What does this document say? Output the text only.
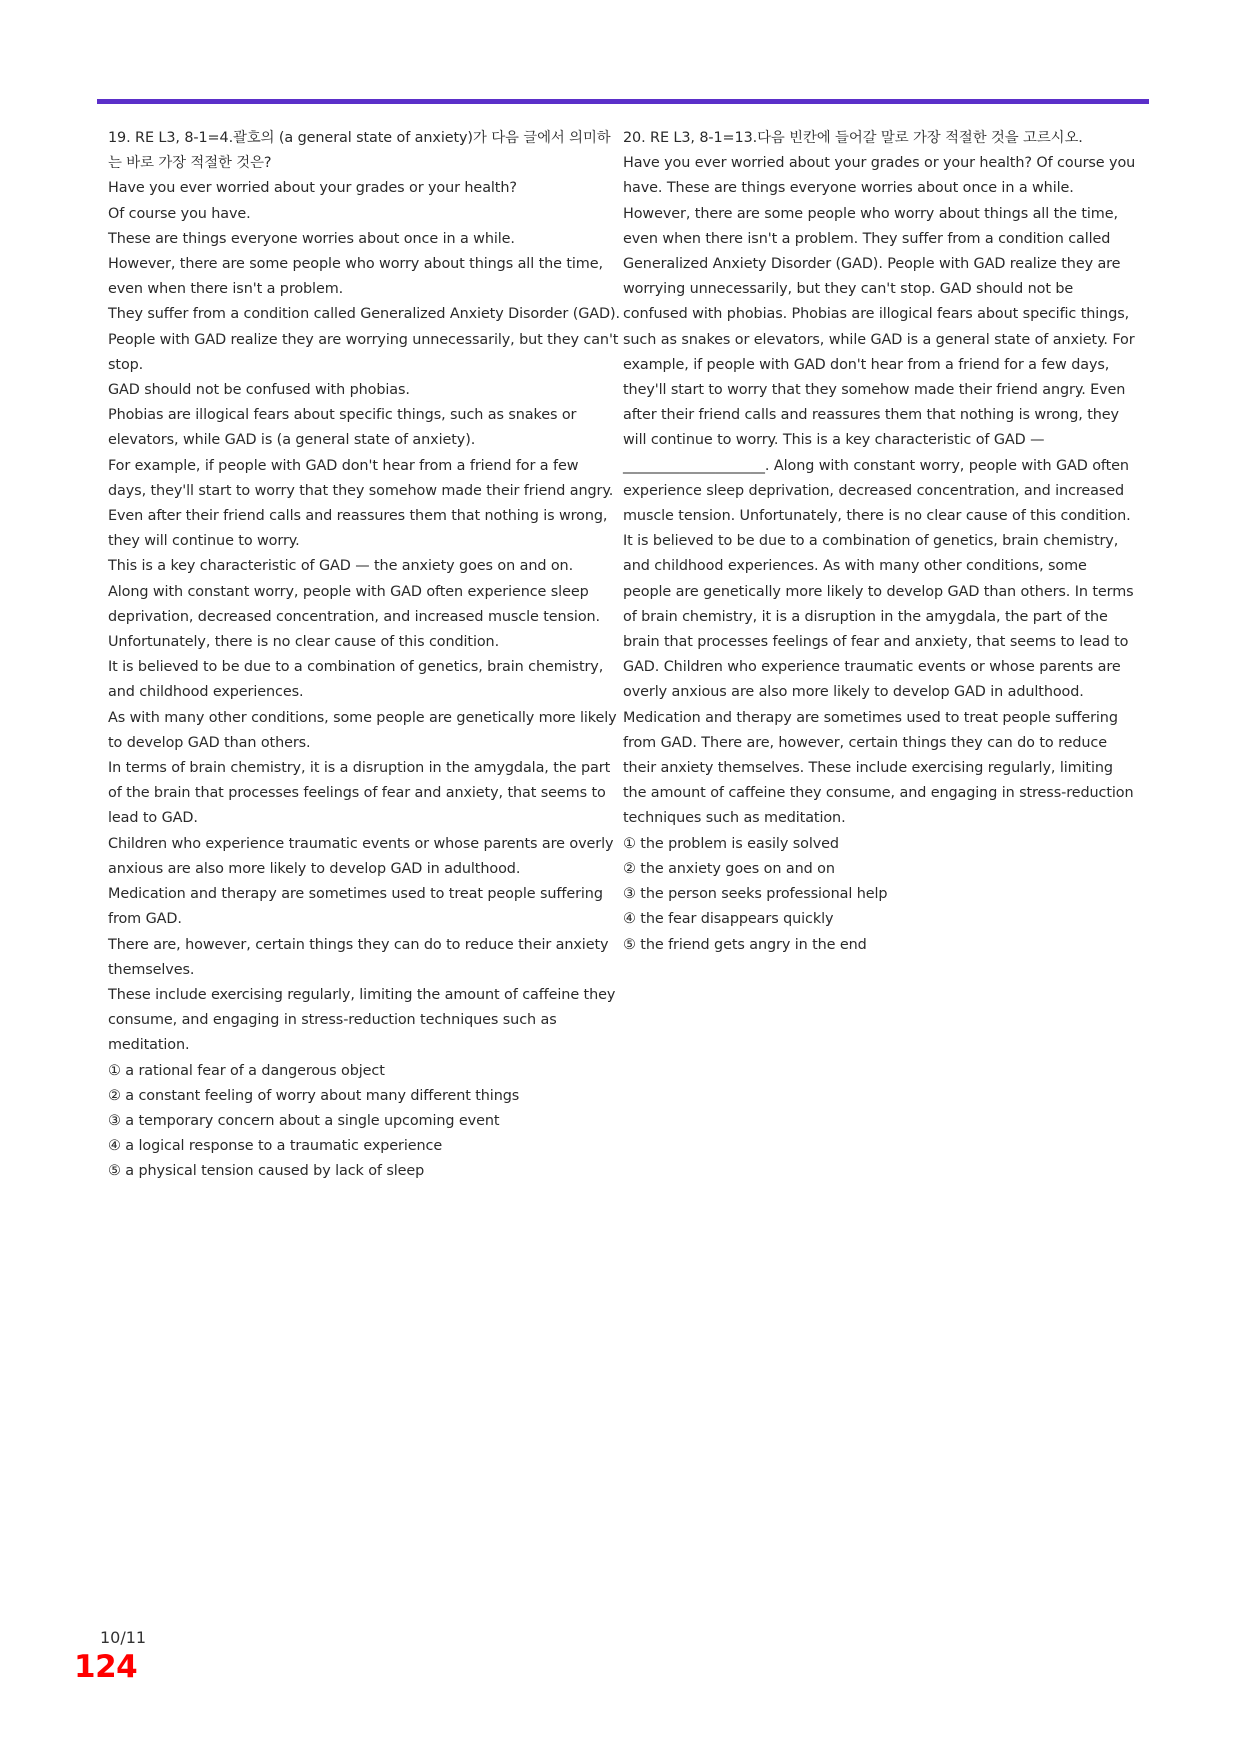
19. RE L3, 8-1=4.괄호의 (a general state of anxiety)가 다음 글에서 의미하는 바로 가장 적절한 것은?

Have you ever worried about your grades or your health?

Of course you have.

These are things everyone worries about once in a while.

However, there are some people who worry about things all the time, even when there isn't a problem.

They suffer from a condition called Generalized Anxiety Disorder (GAD).

People with GAD realize they are worrying unnecessarily, but they can't stop.

GAD should not be confused with phobias.

Phobias are illogical fears about specific things, such as snakes or elevators, while GAD is (a general state of anxiety).

For example, if people with GAD don't hear from a friend for a few days, they'll start to worry that they somehow made their friend angry.

Even after their friend calls and reassures them that nothing is wrong, they will continue to worry.

This is a key characteristic of GAD — the anxiety goes on and on.

Along with constant worry, people with GAD often experience sleep deprivation, decreased concentration, and increased muscle tension.

Unfortunately, there is no clear cause of this condition.

It is believed to be due to a combination of genetics, brain chemistry, and childhood experiences.

As with many other conditions, some people are genetically more likely to develop GAD than others.

In terms of brain chemistry, it is a disruption in the amygdala, the part of the brain that processes feelings of fear and anxiety, that seems to lead to GAD.

Children who experience traumatic events or whose parents are overly anxious are also more likely to develop GAD in adulthood.

Medication and therapy are sometimes used to treat people suffering from GAD.

There are, however, certain things they can do to reduce their anxiety themselves.

These include exercising regularly, limiting the amount of caffeine they consume, and engaging in stress-reduction techniques such as meditation.

① a rational fear of a dangerous object

② a constant feeling of worry about many different things

③ a temporary concern about a single upcoming event

④ a logical response to a traumatic experience

⑤ a physical tension caused by lack of sleep

20. RE L3, 8-1=13.다음 빈칸에 들어갈 말로 가장 적절한 것을 고르시오.

Have you ever worried about your grades or your health? Of course you have. These are things everyone worries about once in a while. However, there are some people who worry about things all the time, even when there isn't a problem. They suffer from a condition called Generalized Anxiety Disorder (GAD). People with GAD realize they are worrying unnecessarily, but they can't stop. GAD should not be confused with phobias. Phobias are illogical fears about specific things, such as snakes or elevators, while GAD is a general state of anxiety. For example, if people with GAD don't hear from a friend for a few days, they'll start to worry that they somehow made their friend angry. Even after their friend calls and reassures them that nothing is wrong, they will continue to worry. This is a key characteristic of GAD — ____________________. Along with constant worry, people with GAD often experience sleep deprivation, decreased concentration, and increased muscle tension. Unfortunately, there is no clear cause of this condition. It is believed to be due to a combination of genetics, brain chemistry, and childhood experiences. As with many other conditions, some people are genetically more likely to develop GAD than others. In terms of brain chemistry, it is a disruption in the amygdala, the part of the brain that processes feelings of fear and anxiety, that seems to lead to GAD. Children who experience traumatic events or whose parents are overly anxious are also more likely to develop GAD in adulthood. Medication and therapy are sometimes used to treat people suffering from GAD. There are, however, certain things they can do to reduce their anxiety themselves. These include exercising regularly, limiting the amount of caffeine they consume, and engaging in stress-reduction techniques such as meditation.

① the problem is easily solved

② the anxiety goes on and on

③ the person seeks professional help

④ the fear disappears quickly

⑤ the friend gets angry in the end

10/11
124
